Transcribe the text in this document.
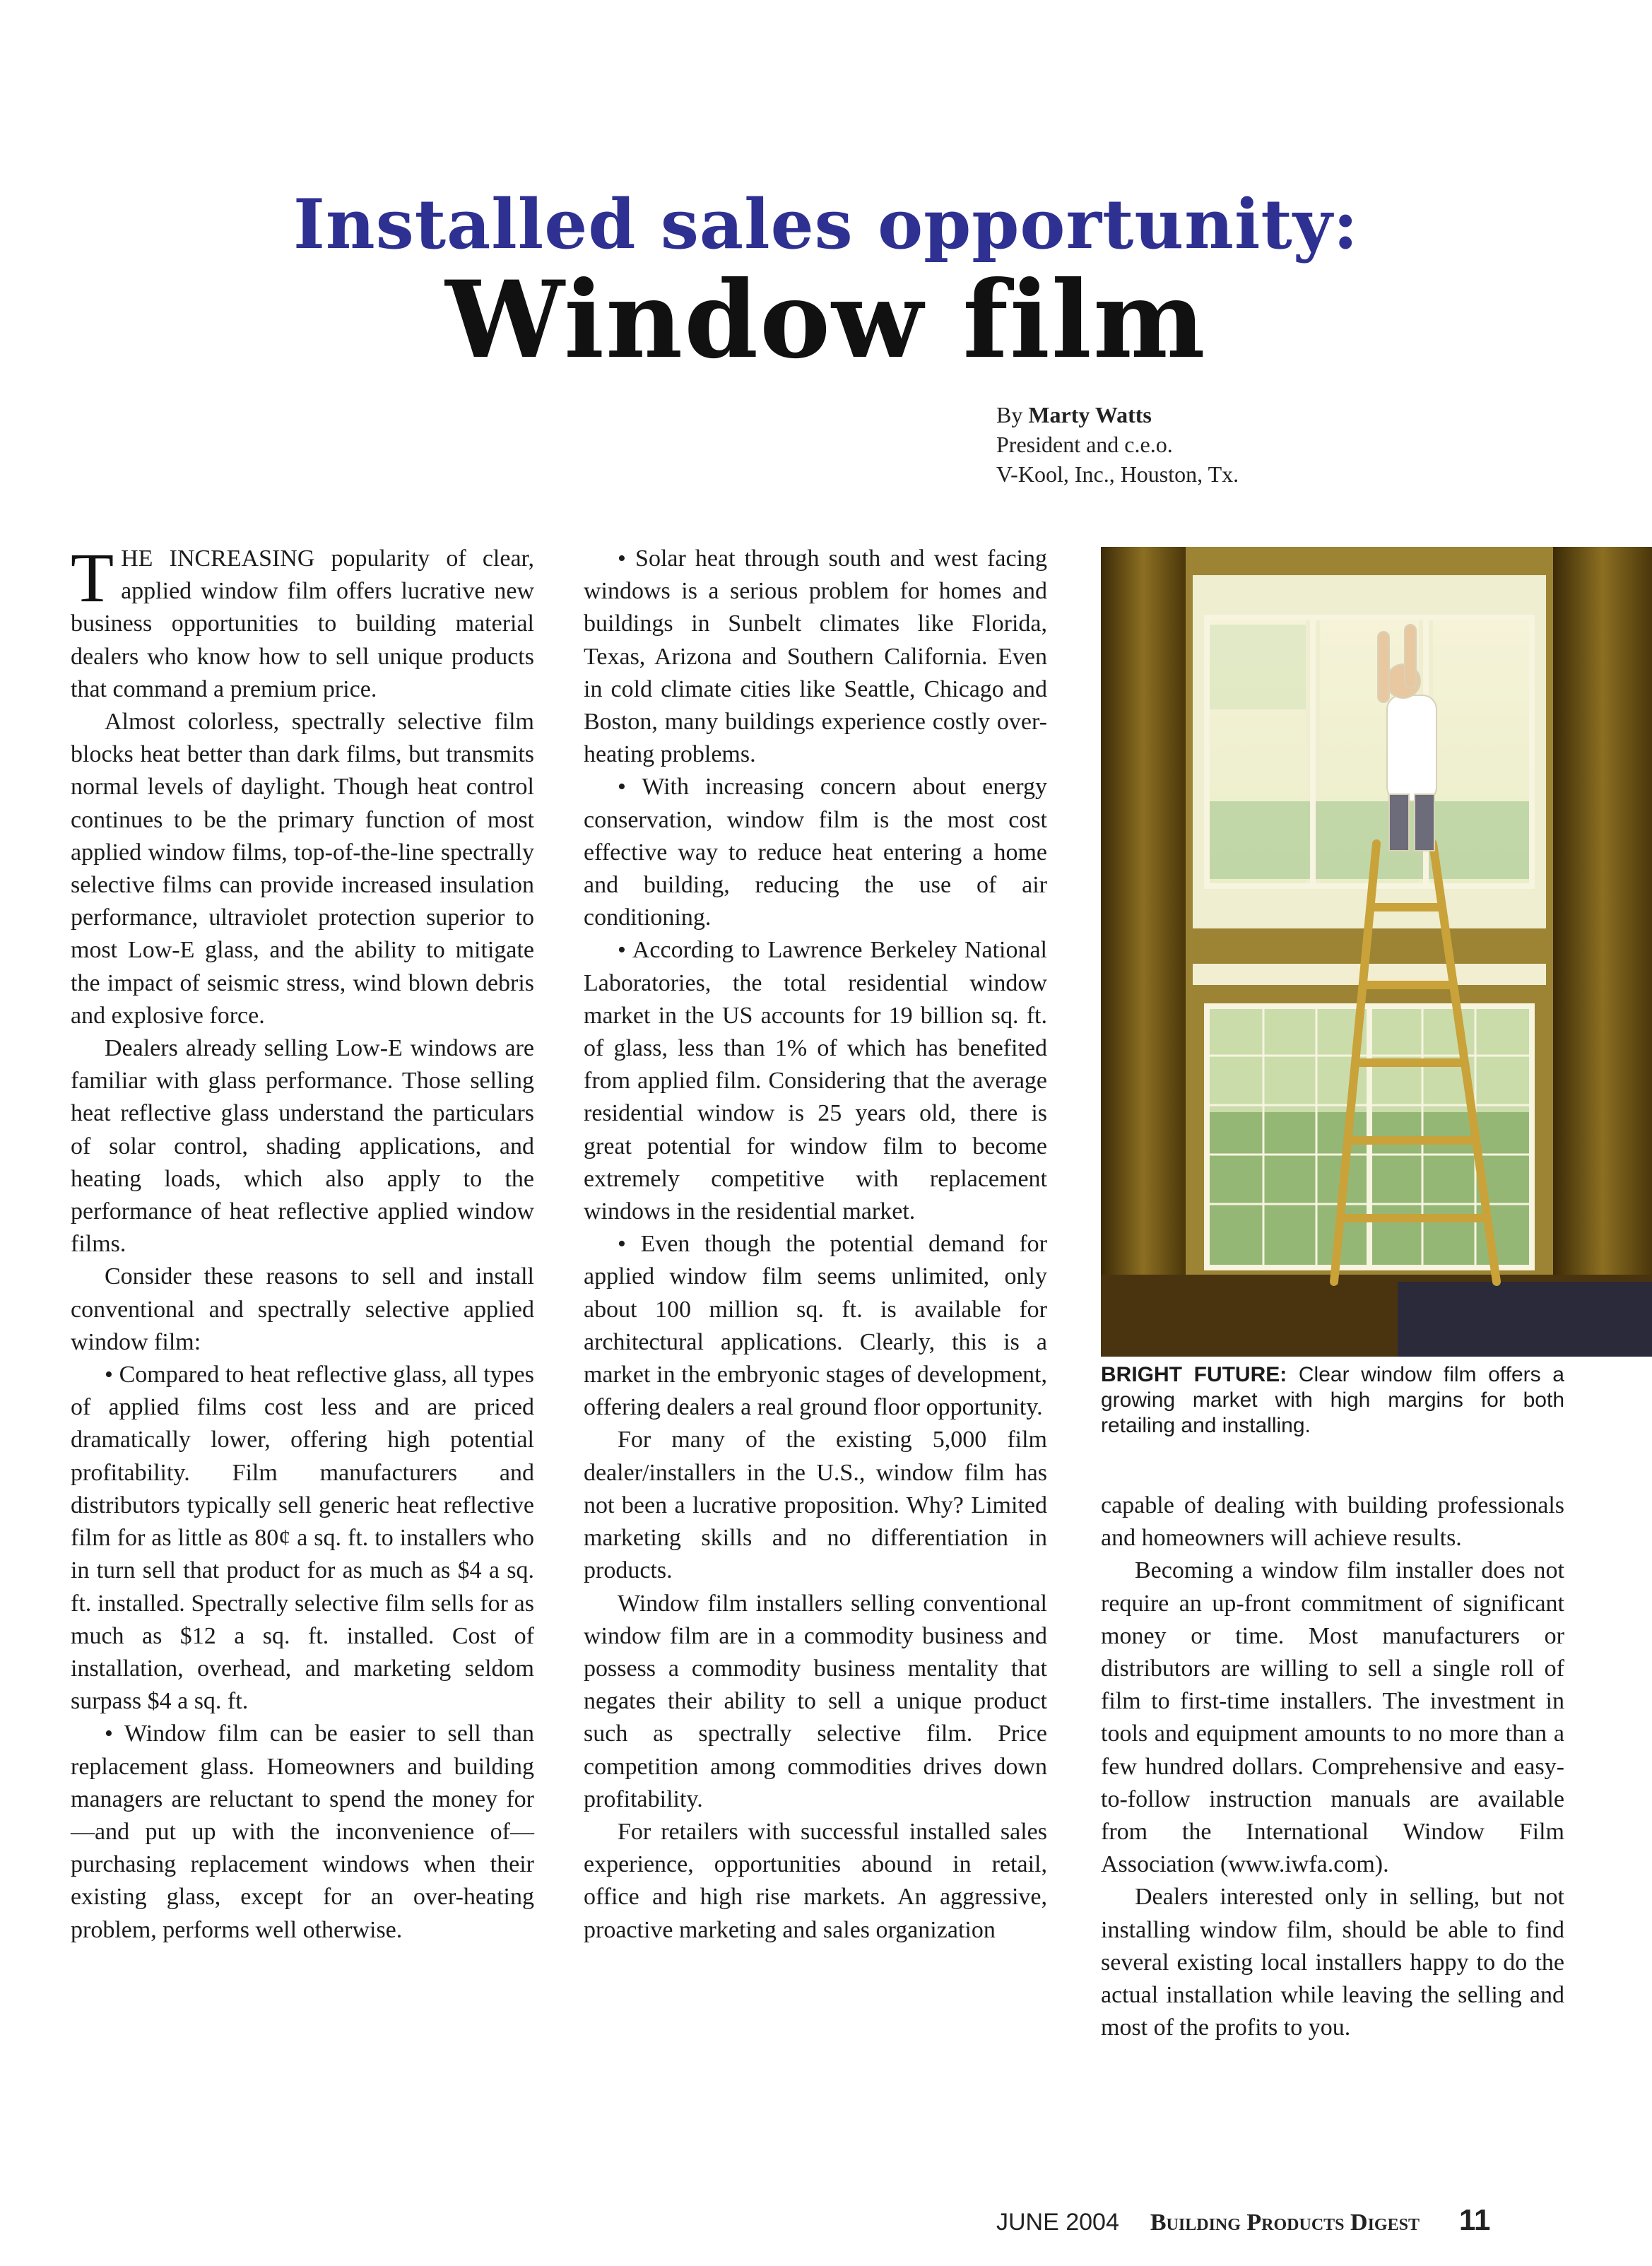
Installed sales opportunity:
Window film
By Marty Watts
President and c.e.o.
V-Kool, Inc., Houston, Tx.

THE INCREASING popularity of clear, applied window film offers lucrative new business opportunities to building material dealers who know how to sell unique products that command a premium price.

Almost colorless, spectrally selective film blocks heat better than dark films, but transmits normal levels of daylight. Though heat control continues to be the primary function of most applied window films, top-of-the-line spectrally selective films can provide increased insulation performance, ultraviolet protection superior to most Low-E glass, and the ability to mitigate the impact of seismic stress, wind blown debris and explosive force.

Dealers already selling Low-E windows are familiar with glass performance. Those selling heat reflective glass understand the particulars of solar control, shading applications, and heating loads, which also apply to the performance of heat reflective applied window films.

Consider these reasons to sell and install conventional and spectrally selective applied window film:

• Compared to heat reflective glass, all types of applied films cost less and are priced dramatically lower, offering high potential profitability. Film manufacturers and distributors typically sell generic heat reflective film for as little as 80¢ a sq. ft. to installers who in turn sell that product for as much as $4 a sq. ft. installed. Spectrally selective film sells for as much as $12 a sq. ft. installed. Cost of installation, overhead, and marketing seldom surpass $4 a sq. ft.

• Window film can be easier to sell than replacement glass. Homeowners and building managers are reluctant to spend the money for—and put up with the inconvenience of—purchasing replacement windows when their existing glass, except for an over-heating problem, performs well otherwise.

• Solar heat through south and west facing windows is a serious problem for homes and buildings in Sunbelt climates like Florida, Texas, Arizona and Southern California. Even in cold climate cities like Seattle, Chicago and Boston, many buildings experience costly over-heating problems.

• With increasing concern about energy conservation, window film is the most cost effective way to reduce heat entering a home and building, reducing the use of air conditioning.

• According to Lawrence Berkeley National Laboratories, the total residential window market in the US accounts for 19 billion sq. ft. of glass, less than 1% of which has benefited from applied film. Considering that the average residential window is 25 years old, there is great potential for window film to become extremely competitive with replacement windows in the residential market.

• Even though the potential demand for applied window film seems unlimited, only about 100 million sq. ft. is available for architectural applications. Clearly, this is a market in the embryonic stages of development, offering dealers a real ground floor opportunity.

For many of the existing 5,000 film dealer/installers in the U.S., window film has not been a lucrative proposition. Why? Limited marketing skills and no differentiation in products.

Window film installers selling conventional window film are in a commodity business and possess a commodity business mentality that negates their ability to sell a unique product such as spectrally selective film. Price competition among commodities drives down profitability.

For retailers with successful installed sales experience, opportunities abound in retail, office and high rise markets. An aggressive, proactive marketing and sales organization

BRIGHT FUTURE: Clear window film offers a growing market with high margins for both retailing and installing.

capable of dealing with building professionals and homeowners will achieve results.

Becoming a window film installer does not require an up-front commitment of significant money or time. Most manufacturers or distributors are willing to sell a single roll of film to first-time installers. The investment in tools and equipment amounts to no more than a few hundred dollars. Comprehensive and easy-to-follow instruction manuals are available from the International Window Film Association (www.iwfa.com).

Dealers interested only in selling, but not installing window film, should be able to find several existing local installers happy to do the actual installation while leaving the selling and most of the profits to you.

JUNE 2004 Building Products Digest 11
